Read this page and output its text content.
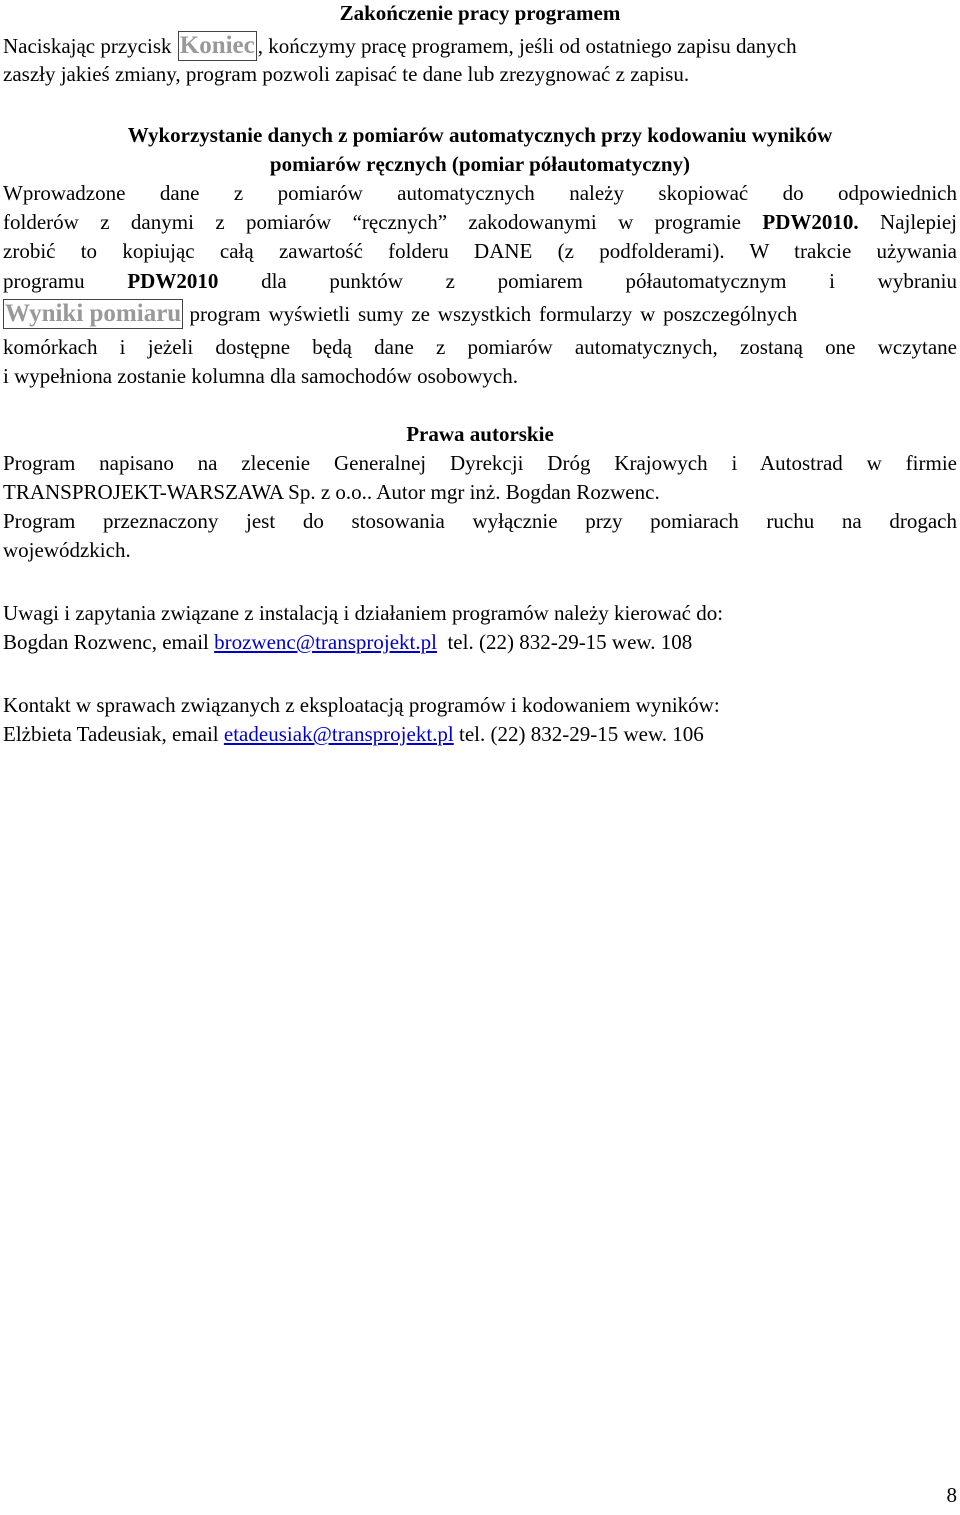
Zakończenie pracy programem
Naciskając przycisk Koniec , kończymy pracę programem, jeśli od ostatniego zapisu danych
zaszły jakieś zmiany, program pozwoli zapisać te dane lub zrezygnować z zapisu.
Wykorzystanie danych z pomiarów automatycznych przy kodowaniu wyników
pomiarów ręcznych (pomiar półautomatyczny)
Wprowadzone dane z pomiarów automatycznych należy skopiować do odpowiednich
folderów z danymi z pomiarów “ręcznych” zakodowanymi w programie PDW2010. Najlepiej
zrobić to kopiując całą zawartość folderu DANE (z podfolderami). W trakcie używania
programu PDW2010 dla punktów z pomiarem półautomatycznym i wybraniu
Wyniki pomiaru program wyświetli sumy ze wszystkich formularzy w poszczególnych
komórkach i jeżeli dostępne będą dane z pomiarów automatycznych, zostaną one wczytane
i wypełniona zostanie kolumna dla samochodów osobowych.
Prawa autorskie
Program napisano na zlecenie Generalnej Dyrekcji Dróg Krajowych i Autostrad w firmie
TRANSPROJEKT-WARSZAWA Sp. z o.o.. Autor mgr inż. Bogdan Rozwenc.
Program przeznaczony jest do stosowania wyłącznie przy pomiarach ruchu na drogach
wojewódzkich.
Uwagi i zapytania związane z instalacją i działaniem programów należy kierować do:
Bogdan Rozwenc, email brozwenc@transprojekt.pl tel. (22) 832-29-15 wew. 108
Kontakt w sprawach związanych z eksploatacją programów i kodowaniem wyników:
Elżbieta Tadeusiak, email etadeusiak@transprojekt.pl tel. (22) 832-29-15 wew. 106
8
